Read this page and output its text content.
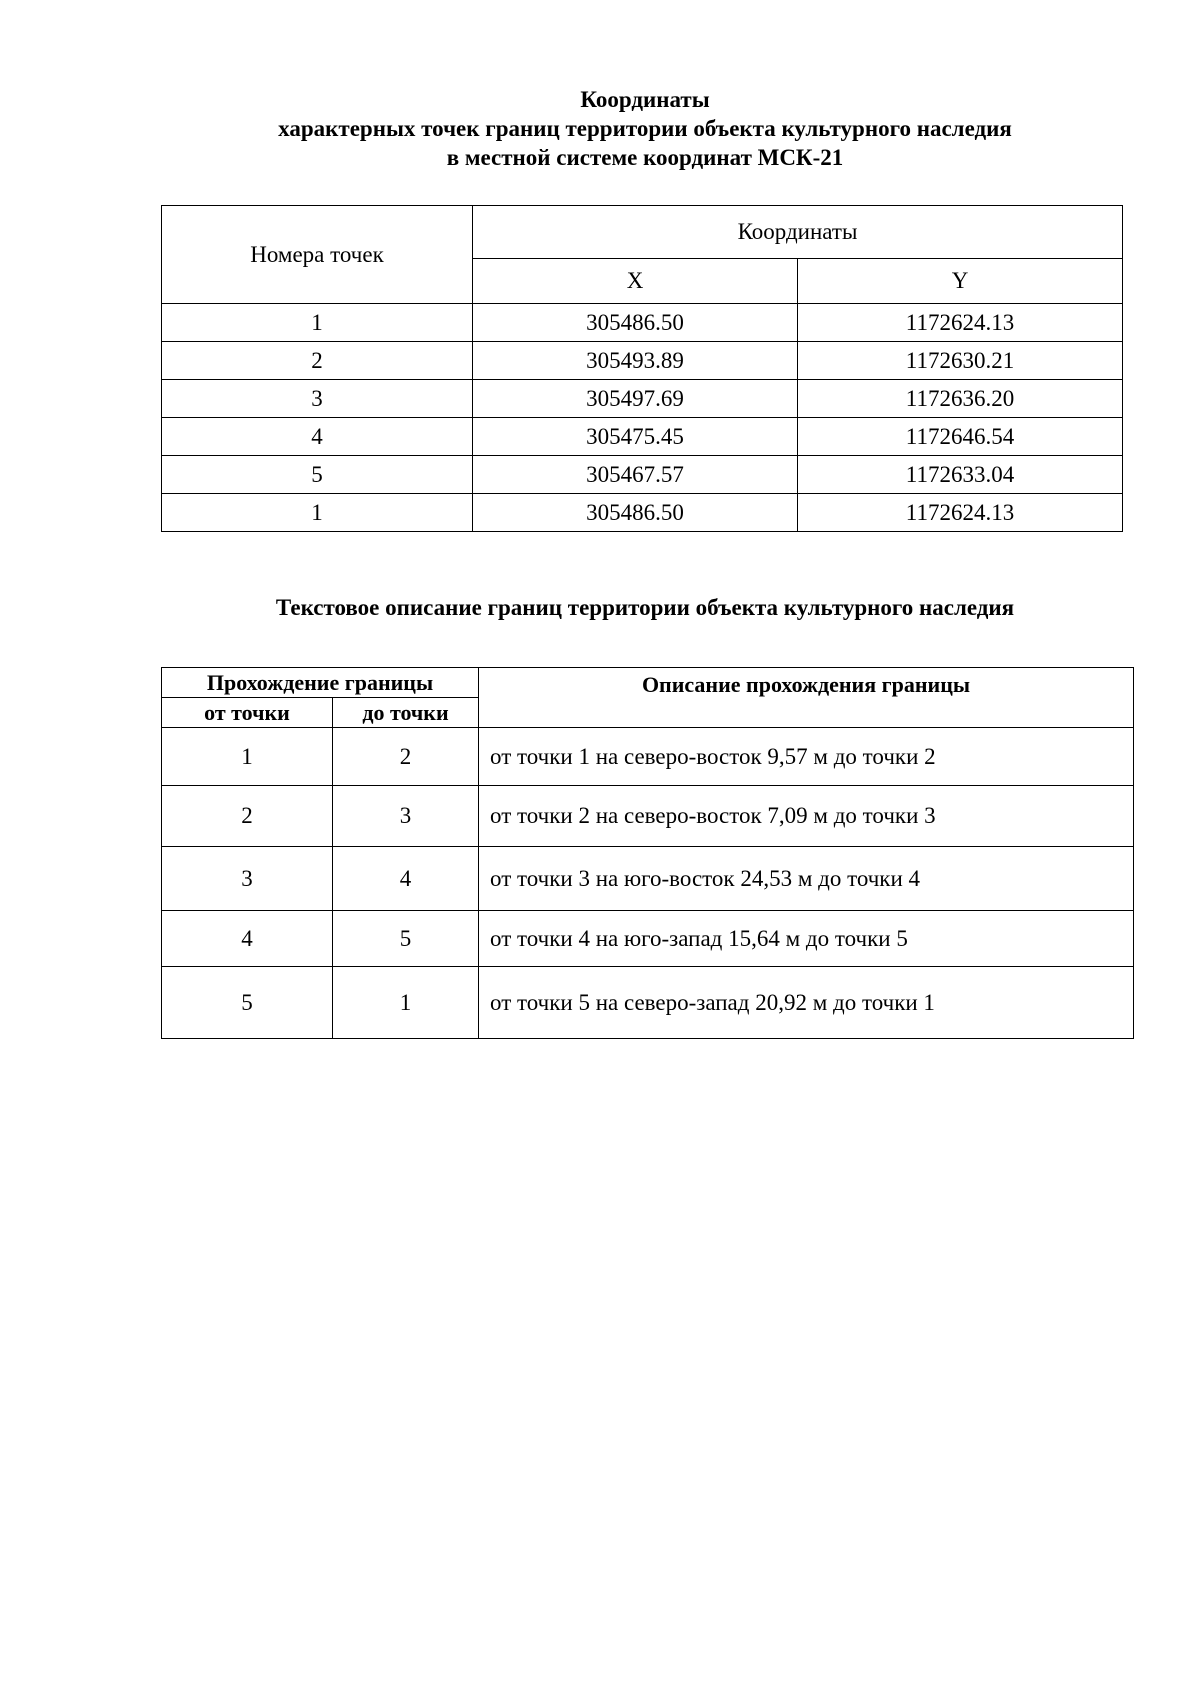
Координаты
характерных точек границ территории объекта культурного наследия
в местной системе координат МСК-21
Номера точек	Координаты	
	X	Y
1	305486.50	1172624.13
2	305493.89	1172630.21
3	305497.69	1172636.20
4	305475.45	1172646.54
5	305467.57	1172633.04
1	305486.50	1172624.13
Текстовое описание границ территории объекта культурного наследия
Прохождение границы		Описание прохождения границы
от точки	до точки	
1	2	от точки 1 на северо-восток 9,57 м до точки 2
2	3	от точки 2 на северо-восток 7,09 м до точки 3
3	4	от точки 3 на юго-восток 24,53 м до точки 4
4	5	от точки 4 на юго-запад 15,64 м до точки 5
5	1	от точки 5 на северо-запад 20,92 м до точки 1
